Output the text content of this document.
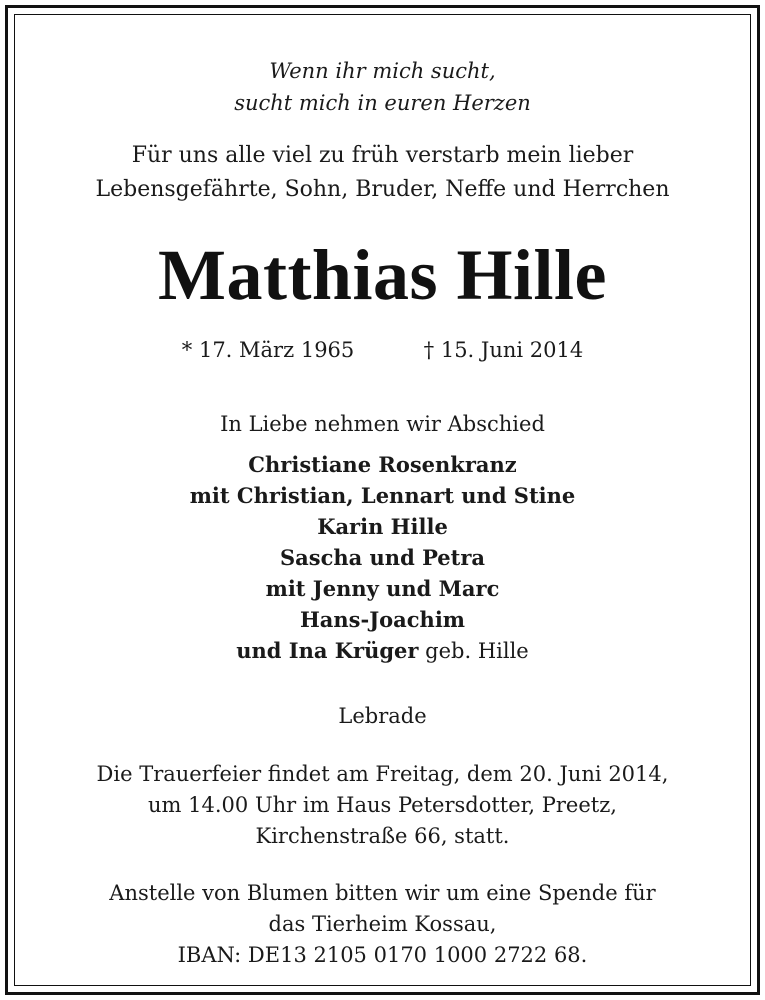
Wenn ihr mich sucht,
sucht mich in euren Herzen

Für uns alle viel zu früh verstarb mein lieber
Lebensgefährte, Sohn, Bruder, Neffe und Herrchen

Matthias Hille

* 17. März 1965	† 15. Juni 2014

In Liebe nehmen wir Abschied

Christiane Rosenkranz
mit Christian, Lennart und Stine
Karin Hille
Sascha und Petra
mit Jenny und Marc
Hans-Joachim
und Ina Krüger geb. Hille

Lebrade

Die Trauerfeier findet am Freitag, dem 20. Juni 2014,
um 14.00 Uhr im Haus Petersdotter, Preetz,
Kirchenstraße 66, statt.

Anstelle von Blumen bitten wir um eine Spende für
das Tierheim Kossau,
IBAN: DE13 2105 0170 1000 2722 68.
